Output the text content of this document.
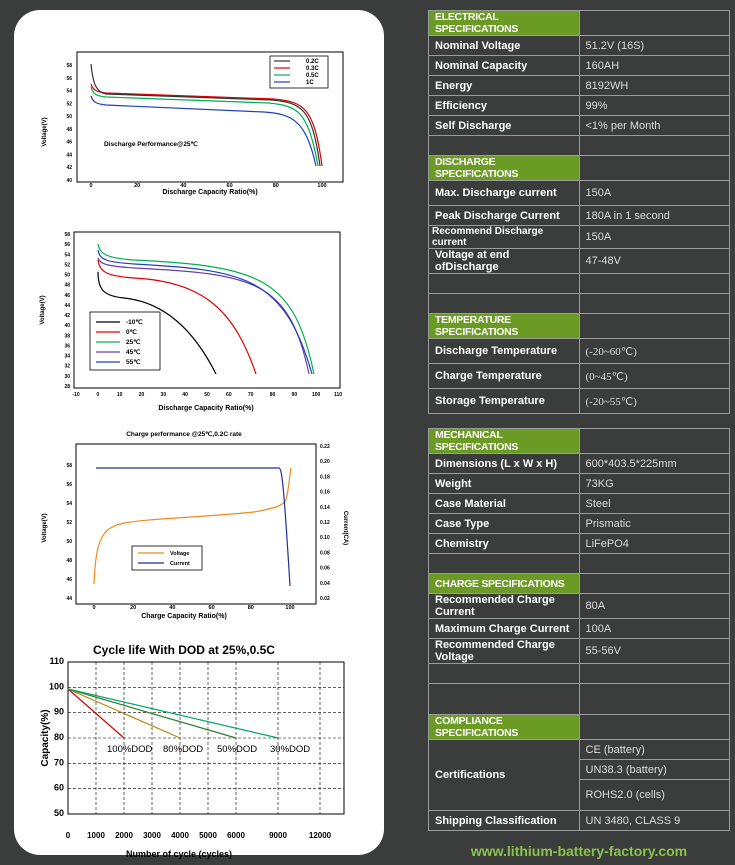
58
56
54
52
50
48
46
44
42
40
0	20	40	60	80	100
Voltage(V)
Discharge Capacity Ratio(%)
Discharge Performance@25℃
0.2C
0.3C
0.5C
1C
58
56
54
52
50
48
46
44
42
40
38
36
34
32
30
28
-10	0	10	20	30	40	50	60	70	80	90	100	110
Voltage(V)
Discharge Capacity Ratio(%)
-10℃
0℃
25℃
45℃
55℃
Charge performance @25℃,0.2C rate
58
56
54
52
50
48
46
44
0.22
0.20
0.18
0.16
0.14
0.12
0.10
0.08
0.06
0.04
0.02
0	20	40	60	80	100
Voltage(V)	Current(CA)
Charge Capacity Ratio(%)
Voltage
Current
Cycle life With DOD at 25%,0.5C
110
100
90
80
70
60
50
0 1000 2000 3000 4000 5000 6000	9000	12000
Capacity(%)
Number of cycle (cycles)
100%DOD 80%DOD 50%DOD 30%DOD
ELECTRICAL SPECIFICATIONS	
Nominal Voltage	51.2V (16S)
Nominal Capacity	160AH
Energy	8192WH
Efficiency	99%
Self Discharge	<1% per Month

DISCHARGE SPECIFICATIONS	
Max. Discharge current	150A
Peak Discharge Current	180A in 1 second
Recommend Discharge current	150A
Voltage at end ofDischarge	47-48V

TEMPERATURE SPECIFICATIONS	
Discharge Temperature	(-20~60℃)
Charge Temperature	(0~45℃)
Storage Temperature	(-20~55℃)
MECHANICAL SPECIFICATIONS	
Dimensions (L x W x H)	600*403.5*225mm
Weight	73KG
Case Material	Steel
Case Type	Prismatic
Chemistry	LiFePO4

CHARGE SPECIFICATIONS	
Recommended Charge Current	80A
Maximum Charge Current	100A
Recommended Charge Voltage	55-56V

COMPLIANCE SPECIFICATIONS	
Certifications	CE (battery)
	UN38.3 (battery)
	ROHS2.0 (cells)
Shipping Classification	UN 3480, CLASS 9
www.lithium-battery-factory.com
